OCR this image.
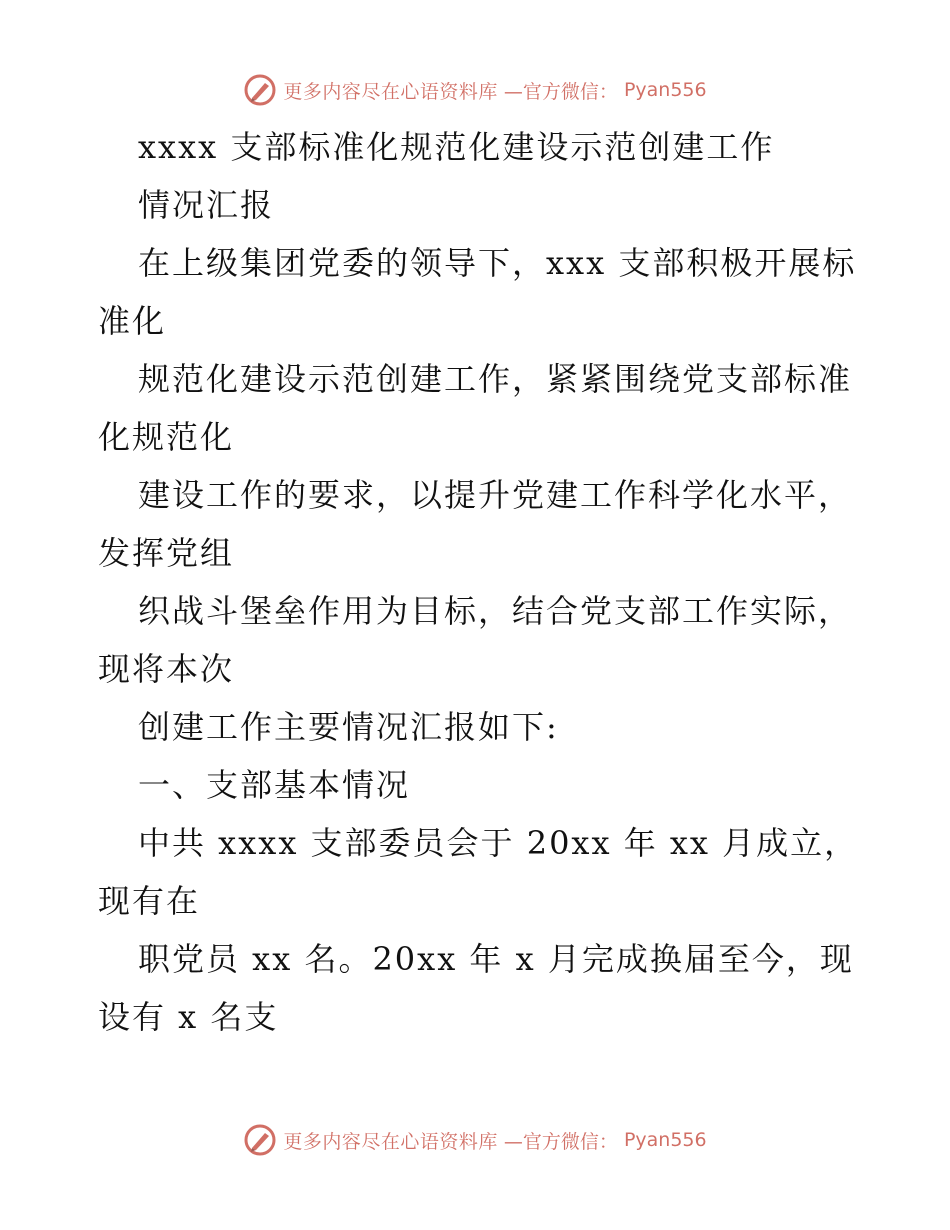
更多内容尽在心语资料库 —官方微信： Pyan556
xxxx 支部标准化规范化建设示范创建工作
情况汇报
在上级集团党委的领导下，xxx 支部积极开展标
准化
规范化建设示范创建工作，紧紧围绕党支部标准
化规范化
建设工作的要求，以提升党建工作科学化水平，
发挥党组
织战斗堡垒作用为目标，结合党支部工作实际，
现将本次
创建工作主要情况汇报如下:
一、支部基本情况
中共 xxxx 支部委员会于 20xx 年 xx 月成立，
现有在
职党员 xx 名。20xx 年 x 月完成换届至今，现
设有 x 名支
更多内容尽在心语资料库 —官方微信： Pyan556
